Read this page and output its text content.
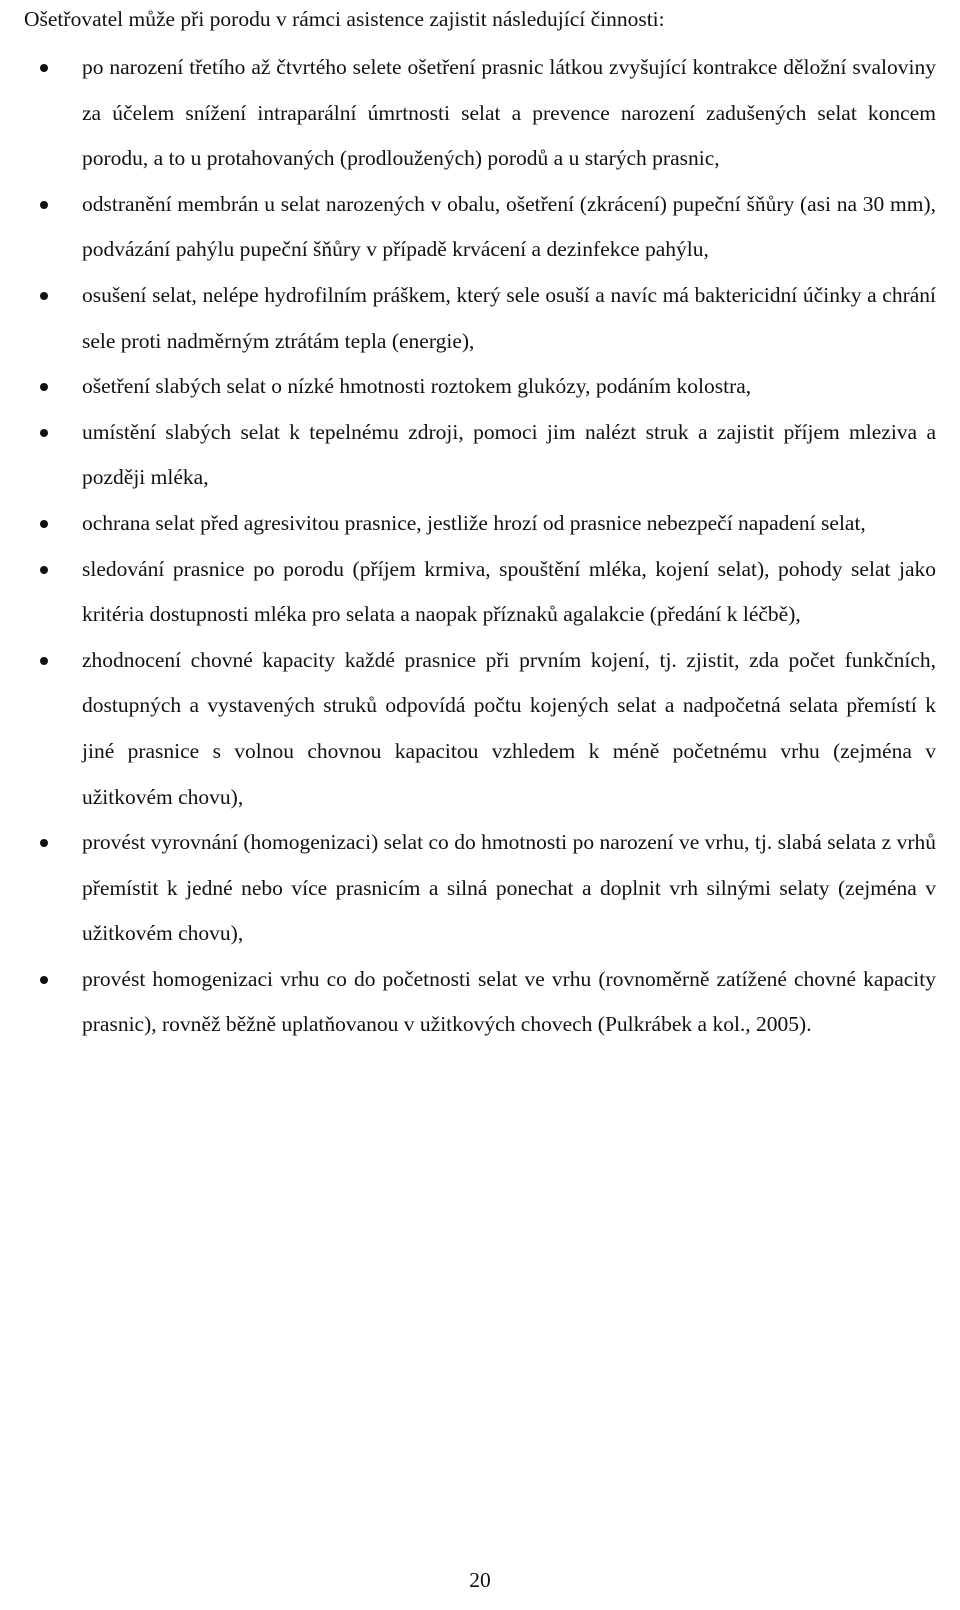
Ošetřovatel může při porodu v rámci asistence zajistit následující činnosti:

po narození třetího až čtvrtého selete ošetření prasnic látkou zvyšující kontrakce děložní svaloviny za účelem snížení intraparální úmrtnosti selat a prevence narození zadušených selat koncem porodu, a to u protahovaných (prodloužených) porodů a u starých prasnic,
odstranění membrán u selat narozených v obalu, ošetření (zkrácení) pupeční šňůry (asi na 30 mm), podvázání pahýlu pupeční šňůry v případě krvácení a dezinfekce pahýlu,
osušení selat, nelépe hydrofilním práškem, který sele osuší a navíc má baktericidní účinky a chrání sele proti nadměrným ztrátám tepla (energie),
ošetření slabých selat o nízké hmotnosti roztokem glukózy, podáním kolostra,
umístění slabých selat k tepelnému zdroji, pomoci jim nalézt struk a zajistit příjem mleziva a později mléka,
ochrana selat před agresivitou prasnice, jestliže hrozí od prasnice nebezpečí napadení selat,
sledování prasnice po porodu (příjem krmiva, spouštění mléka, kojení selat), pohody selat jako kritéria dostupnosti mléka pro selata a naopak příznaků agalakcie (předání k léčbě),
zhodnocení chovné kapacity každé prasnice při prvním kojení, tj. zjistit, zda počet funkčních, dostupných a vystavených struků odpovídá počtu kojených selat a nadpočetná selata přemístí k jiné prasnice s volnou chovnou kapacitou vzhledem k méně početnému vrhu (zejména v užitkovém chovu),
provést vyrovnání (homogenizaci) selat co do hmotnosti po narození ve vrhu, tj. slabá selata z vrhů přemístit k jedné nebo více prasnicím a silná ponechat a doplnit vrh silnými selaty (zejména v užitkovém chovu),
provést homogenizaci vrhu co do početnosti selat ve vrhu (rovnoměrně zatížené chovné kapacity prasnic), rovněž běžně uplatňovanou v užitkových chovech (Pulkrábek a kol., 2005).
20
